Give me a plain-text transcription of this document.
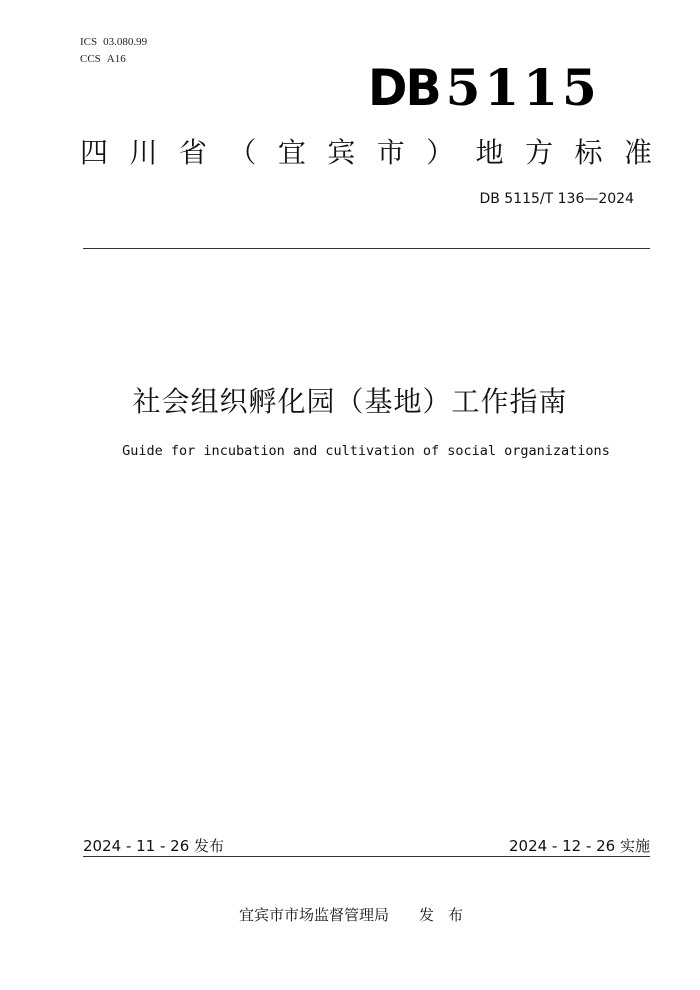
ICS 03.080.99
CCS A16	DB 5115
四 川 省 （ 宜 宾 市 ） 地 方 标 准
DB 5115/T 136—2024
社会组织孵化园（基地）工作指南
Guide for incubation and cultivation of social organizations
2024 - 11 - 26 发布	2024 - 12 - 26 实施
宜宾市市场监督管理局 发布
